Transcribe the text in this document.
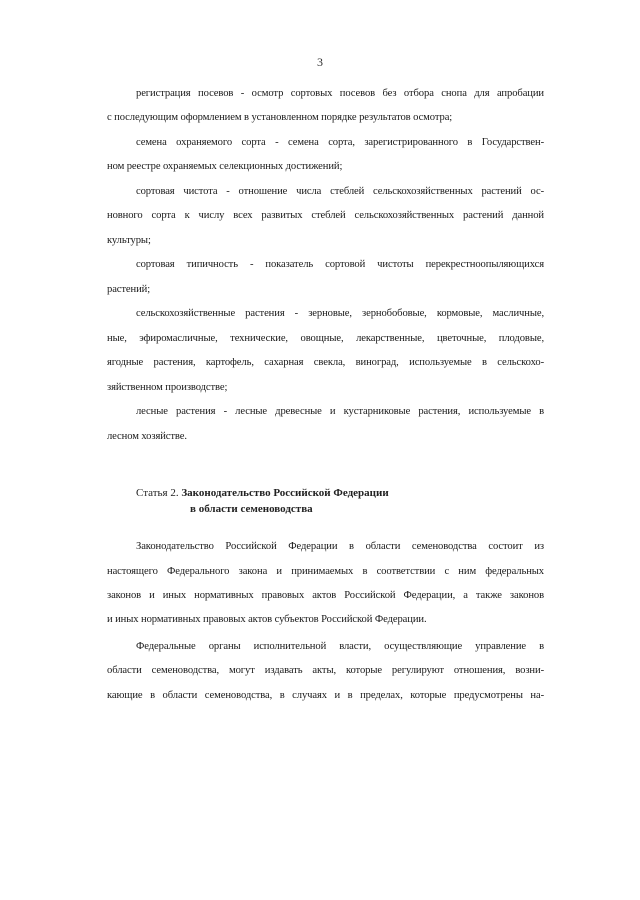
3
регистрация посевов - осмотр сортовых посевов без отбора снопа для апробации
с последующим оформлением в установленном порядке результатов осмотра;
семена охраняемого сорта - семена сорта, зарегистрированного в Государствен-
ном реестре охраняемых селекционных достижений;
сортовая чистота - отношение числа стеблей сельскохозяйственных растений ос-
новного сорта к числу всех развитых стеблей сельскохозяйственных растений данной
культуры;
сортовая типичность - показатель сортовой чистоты перекрестноопыляющихся
растений;
сельскохозяйственные растения - зерновые, зернобобовые, кормовые, масличные,
ные, эфиромасличные, технические, овощные, лекарственные, цветочные, плодовые,
ягодные растения, картофель, сахарная свекла, виноград, используемые в сельскохо-
зяйственном производстве;
лесные растения - лесные древесные и кустарниковые растения, используемые в
лесном хозяйстве.
Статья 2. Законодательство Российской Федерации
в области семеноводства
Законодательство Российской Федерации в области семеноводства состоит из
настоящего Федерального закона и принимаемых в соответствии с ним федеральных
законов и иных нормативных правовых актов Российской Федерации, а также законов
и иных нормативных правовых актов субъектов Российской Федерации.
Федеральные органы исполнительной власти, осуществляющие управление в
области семеноводства, могут издавать акты, которые регулируют отношения, возни-
кающие в области семеноводства, в случаях и в пределах, которые предусмотрены на-
